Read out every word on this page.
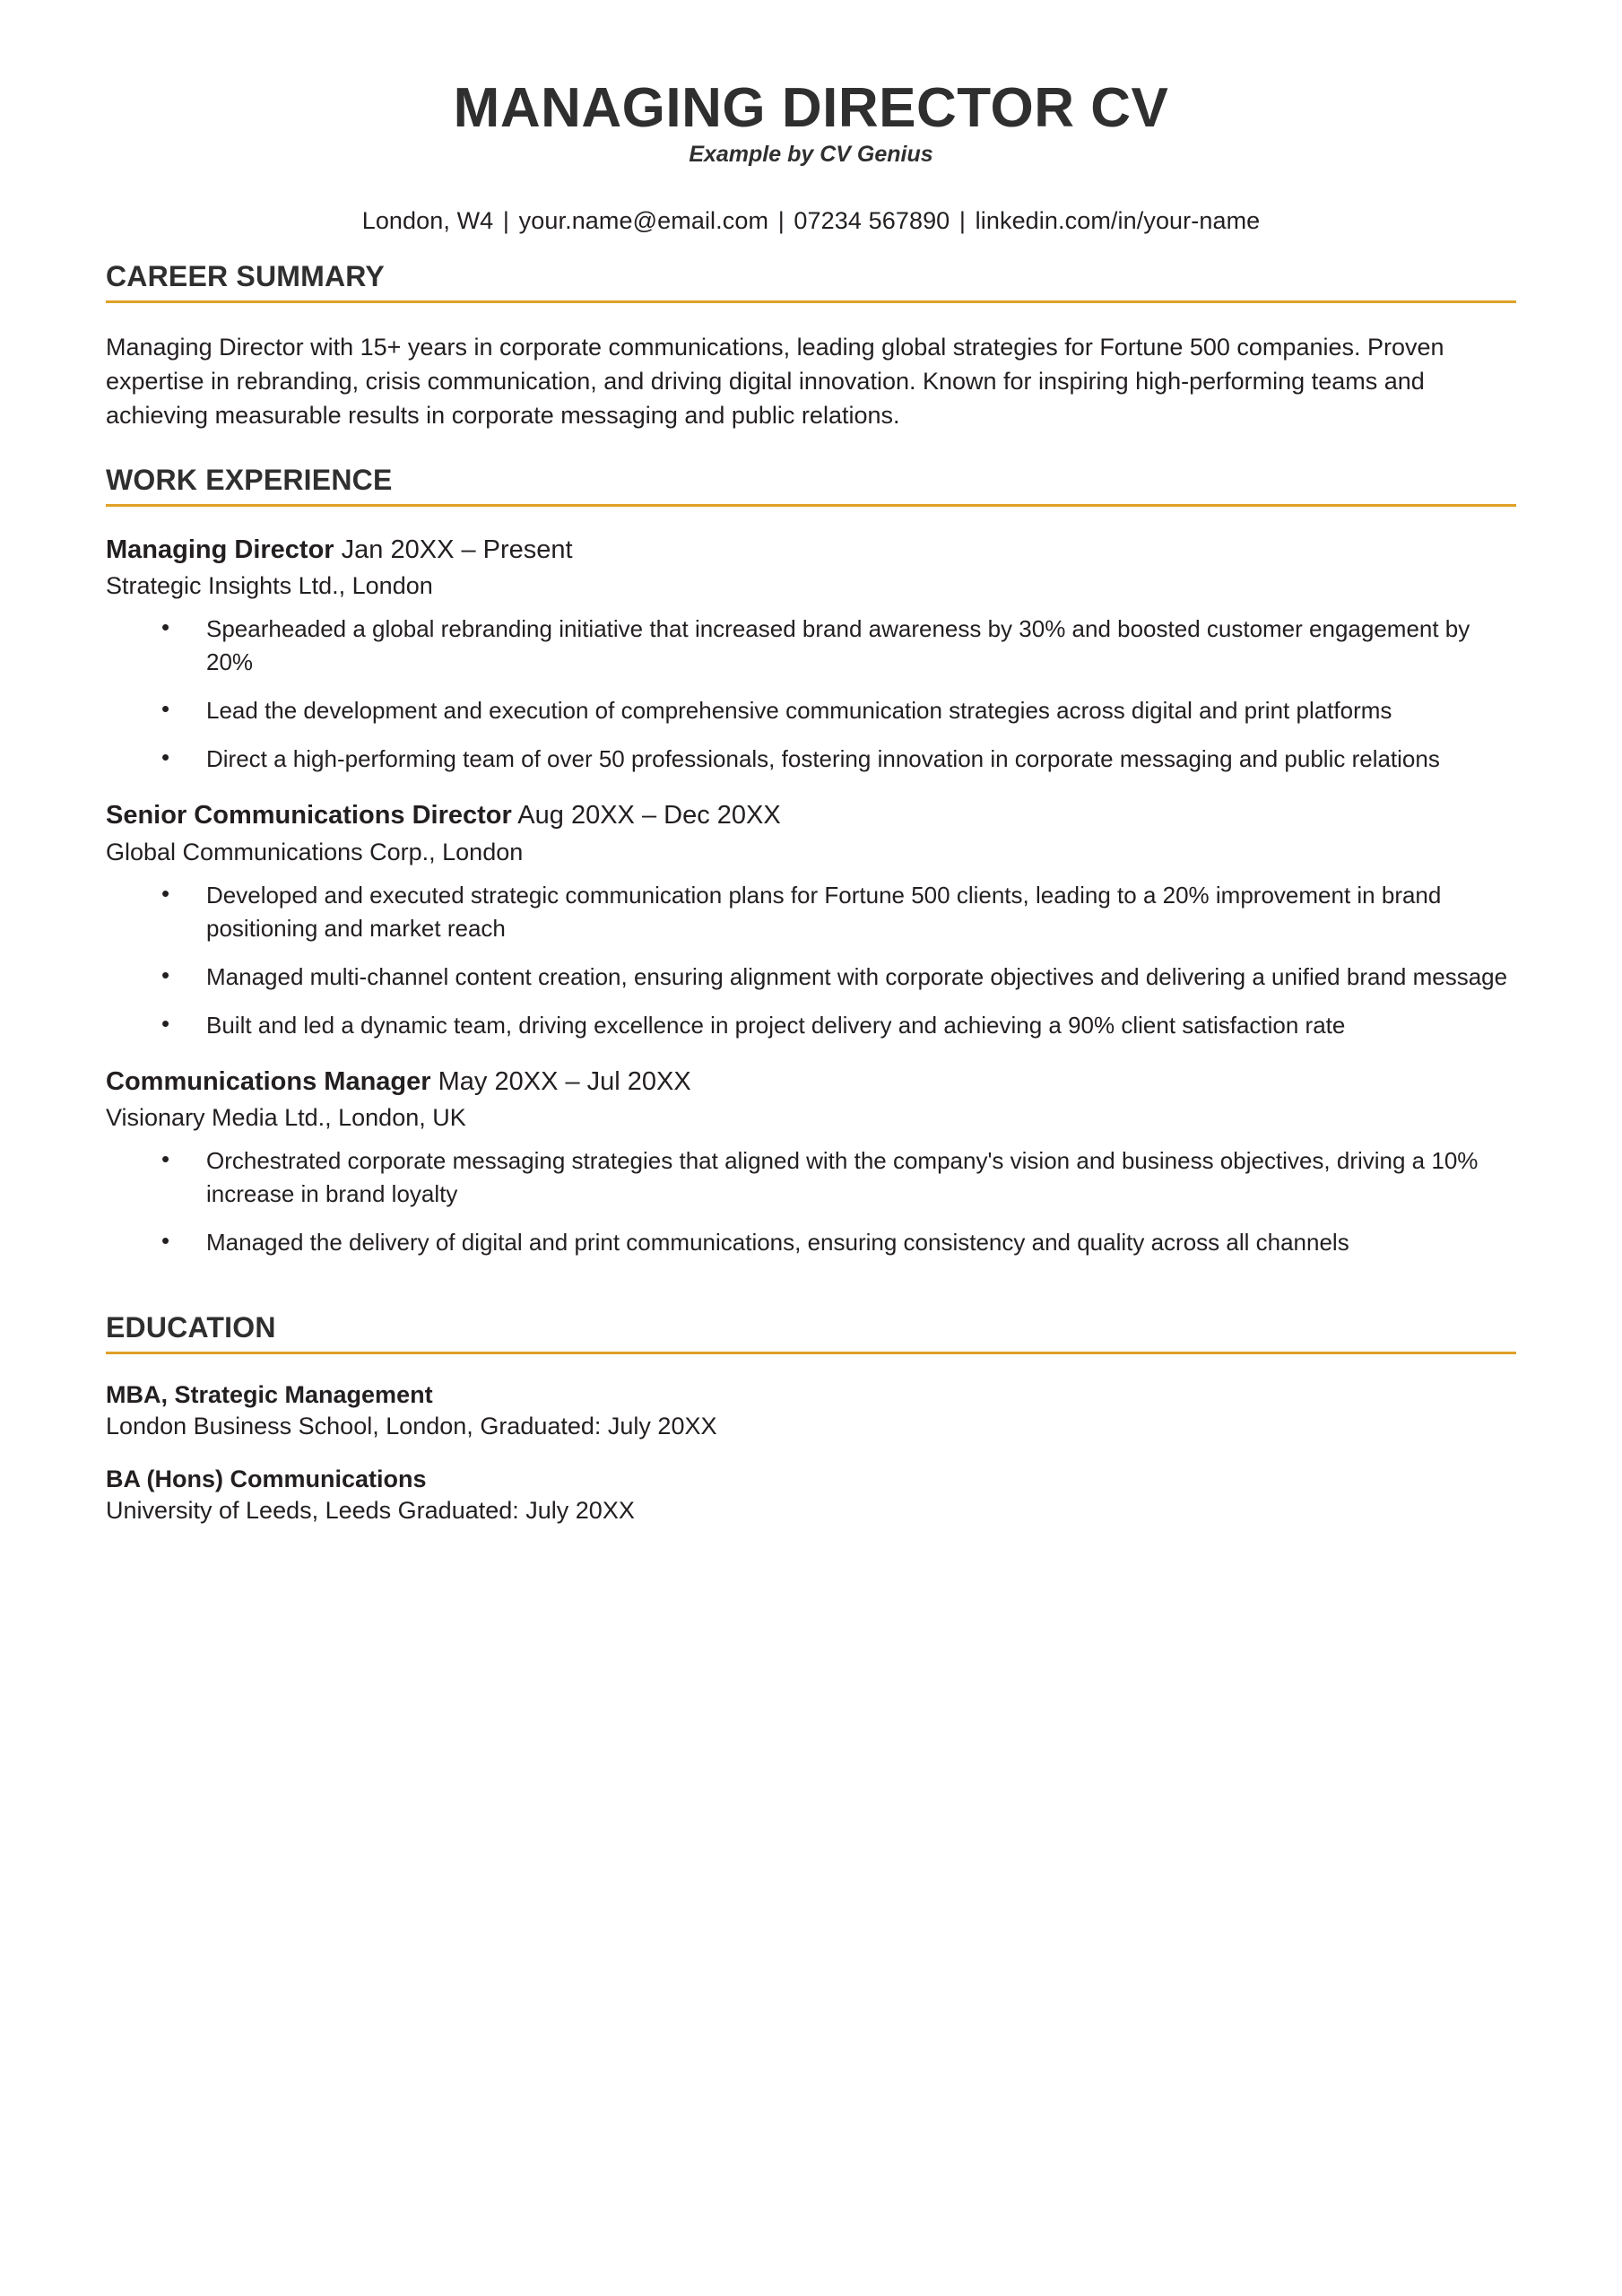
MANAGING DIRECTOR CV
Example by CV Genius
London, W4 | your.name@email.com | 07234 567890 | linkedin.com/in/your-name
CAREER SUMMARY

Managing Director with 15+ years in corporate communications, leading global strategies for Fortune 500 companies. Proven expertise in rebranding, crisis communication, and driving digital innovation. Known for inspiring high-performing teams and achieving measurable results in corporate messaging and public relations.

WORK EXPERIENCE
Managing Director Jan 20XX – Present
Strategic Insights Ltd., London
• Spearheaded a global rebranding initiative that increased brand awareness by 30% and boosted customer engagement by 20%
• Lead the development and execution of comprehensive communication strategies across digital and print platforms
• Direct a high-performing team of over 50 professionals, fostering innovation in corporate messaging and public relations
Senior Communications Director Aug 20XX – Dec 20XX
Global Communications Corp., London
• Developed and executed strategic communication plans for Fortune 500 clients, leading to a 20% improvement in brand positioning and market reach
• Managed multi-channel content creation, ensuring alignment with corporate objectives and delivering a unified brand message
• Built and led a dynamic team, driving excellence in project delivery and achieving a 90% client satisfaction rate
Communications Manager May 20XX – Jul 20XX
Visionary Media Ltd., London, UK
• Orchestrated corporate messaging strategies that aligned with the company's vision and business objectives, driving a 10% increase in brand loyalty
• Managed the delivery of digital and print communications, ensuring consistency and quality across all channels
EDUCATION
MBA, Strategic Management
London Business School, London, Graduated: July 20XX
BA (Hons) Communications
University of Leeds, Leeds Graduated: July 20XX
